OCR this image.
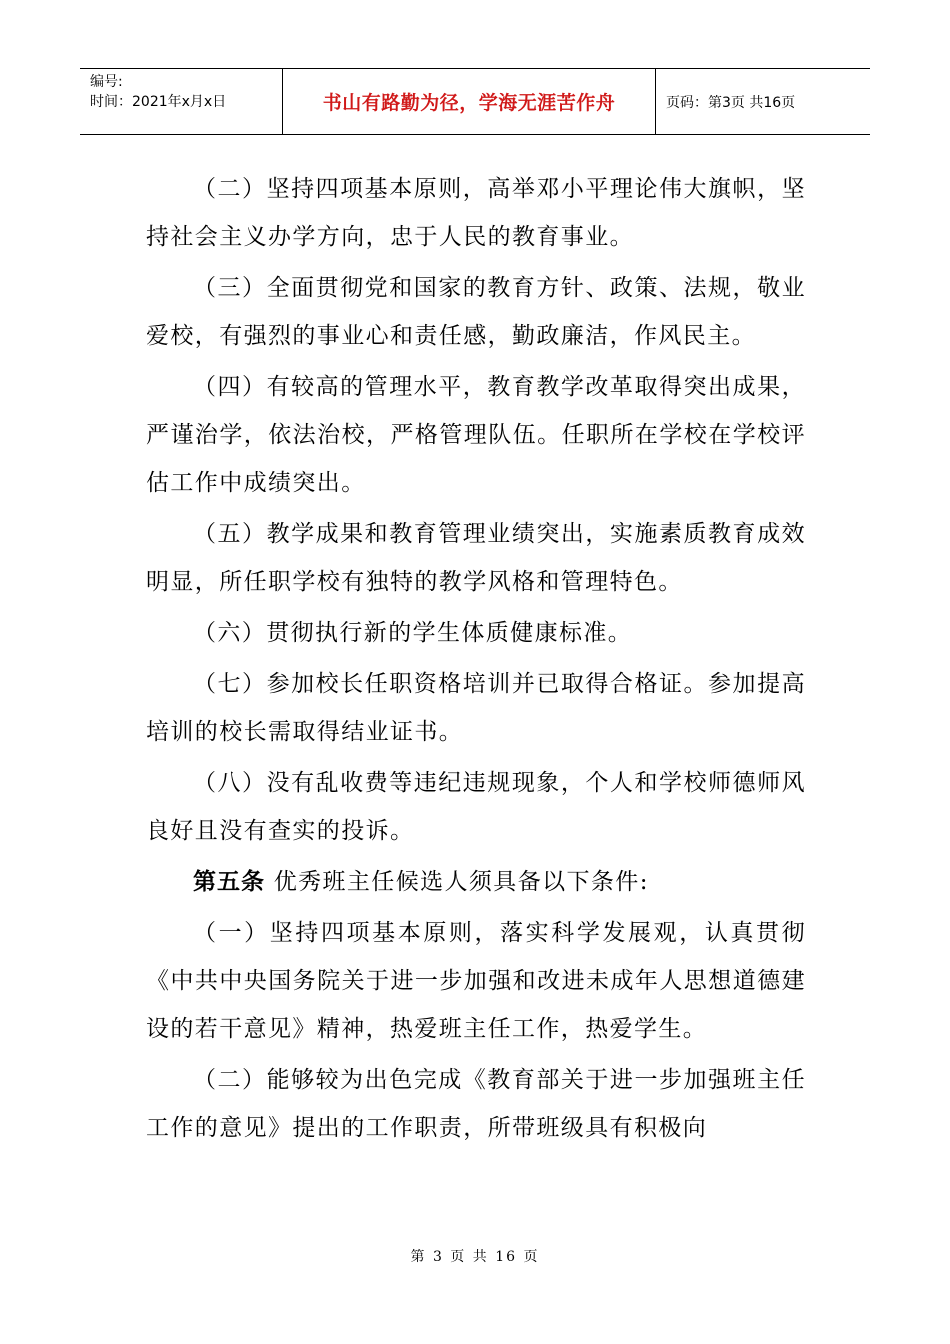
编号:
时间：2021年x月x日	书山有路勤为径，学海无涯苦作舟	页码：第3页 共16页

（二）坚持四项基本原则，高举邓小平理论伟大旗帜，坚持社会主义办学方向，忠于人民的教育事业。

（三）全面贯彻党和国家的教育方针、政策、法规，敬业爱校，有强烈的事业心和责任感，勤政廉洁，作风民主。

（四）有较高的管理水平，教育教学改革取得突出成果，严谨治学，依法治校，严格管理队伍。任职所在学校在学校评估工作中成绩突出。

（五）教学成果和教育管理业绩突出，实施素质教育成效明显，所任职学校有独特的教学风格和管理特色。

（六）贯彻执行新的学生体质健康标准。

（七）参加校长任职资格培训并已取得合格证。参加提高培训的校长需取得结业证书。

（八）没有乱收费等违纪违规现象，个人和学校师德师风良好且没有查实的投诉。

第五条 优秀班主任候选人须具备以下条件:

（一）坚持四项基本原则，落实科学发展观，认真贯彻《中共中央国务院关于进一步加强和改进未成年人思想道德建设的若干意见》精神，热爱班主任工作，热爱学生。

（二）能够较为出色完成《教育部关于进一步加强班主任工作的意见》提出的工作职责，所带班级具有积极向

第 3 页 共 16 页
